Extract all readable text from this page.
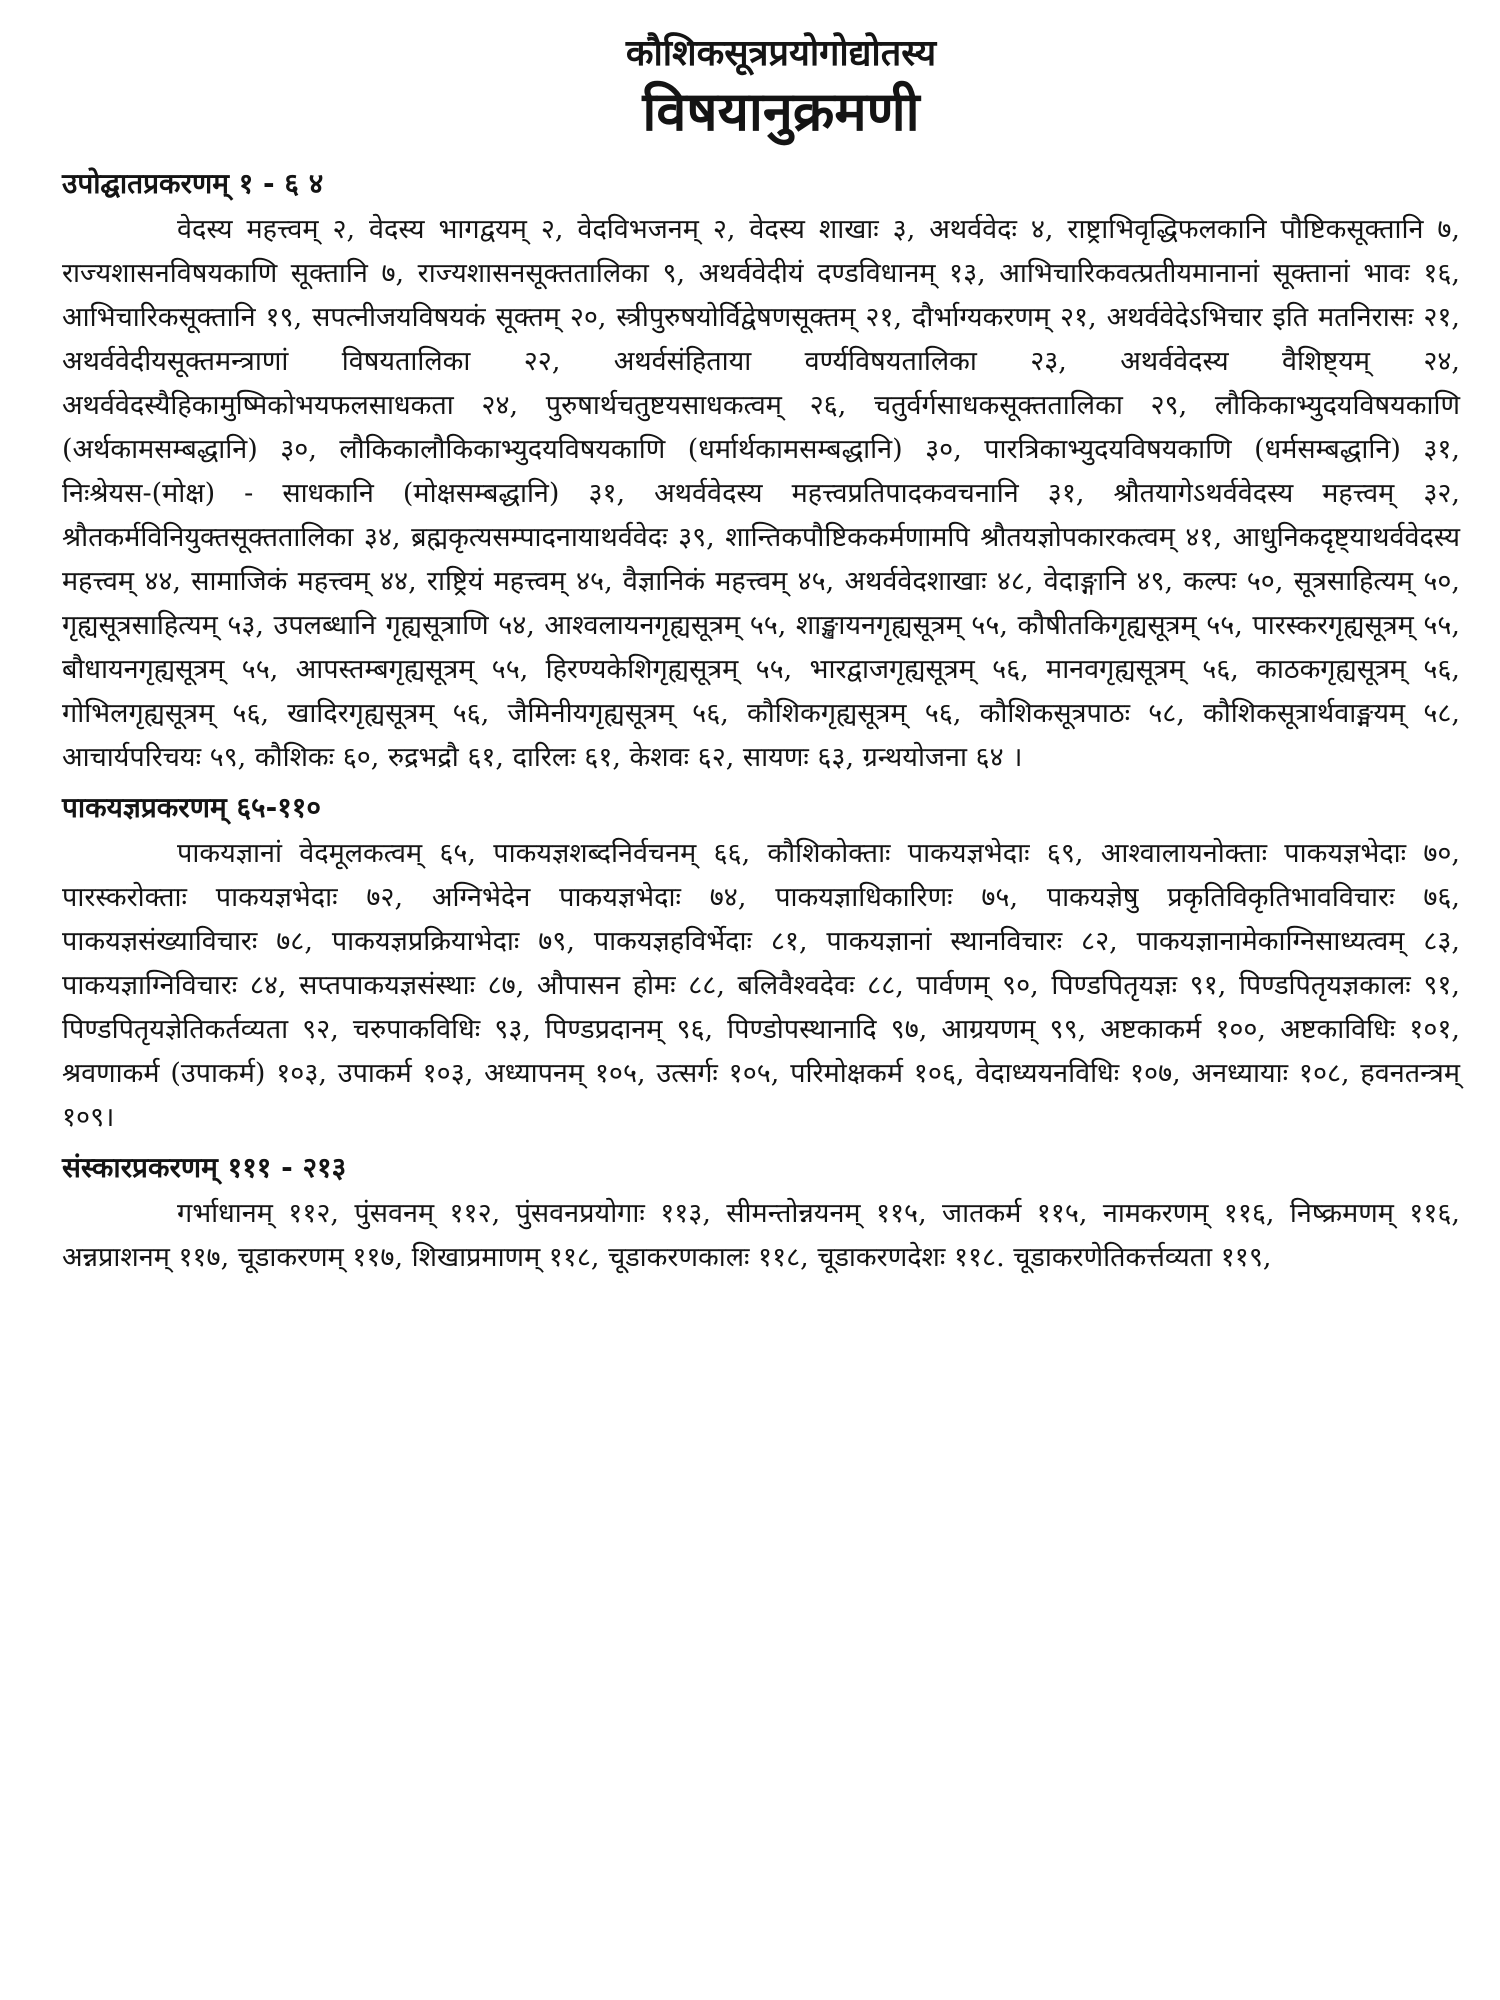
कौशिकसूत्रप्रयोगोद्योतस्य
विषयानुक्रमणी
उपोद्घातप्रकरणम् १ - ६ ४

वेदस्य महत्त्वम् २, वेदस्य भागद्वयम् २, वेदविभजनम् २, वेदस्य शाखाः ३, अथर्ववेदः ४, राष्ट्राभिवृद्धिफलकानि पौष्टिकसूक्तानि ७, राज्यशासनविषयकाणि सूक्तानि ७, राज्यशासनसूक्ततालिका ९, अथर्ववेदीयं दण्डविधानम् १३, आभिचारिकवत्प्रतीयमानानां सूक्तानां भावः १६, आभिचारिकसूक्तानि १९, सपत्नीजयविषयकं सूक्तम् २०, स्त्रीपुरुषयोर्विद्वेषणसूक्तम् २१, दौर्भाग्यकरणम् २१, अथर्ववेदेऽभिचार इति मतनिरासः २१, अथर्ववेदीयसूक्तमन्त्राणां विषयतालिका २२, अथर्वसंहिताया वर्ण्यविषयतालिका २३, अथर्ववेदस्य वैशिष्ट्यम् २४, अथर्ववेदस्यैहिकामुष्मिकोभयफलसाधकता २४, पुरुषार्थचतुष्टयसाधकत्वम् २६, चतुर्वर्गसाधकसूक्ततालिका २९, लौकिकाभ्युदयविषयकाणि (अर्थकामसम्बद्धानि) ३०, लौकिकालौकिकाभ्युदयविषयकाणि (धर्मार्थकामसम्बद्धानि) ३०, पारत्रिकाभ्युदयविषयकाणि (धर्मसम्बद्धानि) ३१, निःश्रेयस-(मोक्ष) - साधकानि (मोक्षसम्बद्धानि) ३१, अथर्ववेदस्य महत्त्वप्रतिपादकवचनानि ३१, श्रौतयागेऽथर्ववेदस्य महत्त्वम् ३२, श्रौतकर्मविनियुक्तसूक्ततालिका ३४, ब्रह्मकृत्यसम्पादनायाथर्ववेदः ३९, शान्तिकपौष्टिककर्मणामपि श्रौतयज्ञोपकारकत्वम् ४१, आधुनिकदृष्ट्याथर्ववेदस्य महत्त्वम् ४४, सामाजिकं महत्त्वम् ४४, राष्ट्रियं महत्त्वम् ४५, वैज्ञानिकं महत्त्वम् ४५, अथर्ववेदशाखाः ४८, वेदाङ्गानि ४९, कल्पः ५०, सूत्रसाहित्यम् ५०, गृह्यसूत्रसाहित्यम् ५३, उपलब्धानि गृह्यसूत्राणि ५४, आश्वलायनगृह्यसूत्रम् ५५, शाङ्खायनगृह्यसूत्रम् ५५, कौषीतकिगृह्यसूत्रम् ५५, पारस्करगृह्यसूत्रम् ५५, बौधायनगृह्यसूत्रम् ५५, आपस्तम्बगृह्यसूत्रम् ५५, हिरण्यकेशिगृह्यसूत्रम् ५५, भारद्वाजगृह्यसूत्रम् ५६, मानवगृह्यसूत्रम् ५६, काठकगृह्यसूत्रम् ५६, गोभिलगृह्यसूत्रम् ५६, खादिरगृह्यसूत्रम् ५६, जैमिनीयगृह्यसूत्रम् ५६, कौशिकगृह्यसूत्रम् ५६, कौशिकसूत्रपाठः ५८, कौशिकसूत्रार्थवाङ्मयम् ५८, आचार्यपरिचयः ५९, कौशिकः ६०, रुद्रभद्रौ ६१, दारिलः ६१, केशवः ६२, सायणः ६३, ग्रन्थयोजना ६४ ।

पाकयज्ञप्रकरणम् ६५-११०

पाकयज्ञानां वेदमूलकत्वम् ६५, पाकयज्ञशब्दनिर्वचनम् ६६, कौशिकोक्ताः पाकयज्ञभेदाः ६९, आश्वालायनोक्ताः पाकयज्ञभेदाः ७०, पारस्करोक्ताः पाकयज्ञभेदाः ७२, अग्निभेदेन पाकयज्ञभेदाः ७४, पाकयज्ञाधिकारिणः ७५, पाकयज्ञेषु प्रकृतिविकृतिभावविचारः ७६, पाकयज्ञसंख्याविचारः ७८, पाकयज्ञप्रक्रियाभेदाः ७९, पाकयज्ञहविर्भेदाः ८१, पाकयज्ञानां स्थानविचारः ८२, पाकयज्ञानामेकाग्निसाध्यत्वम् ८३, पाकयज्ञाग्निविचारः ८४, सप्तपाकयज्ञसंस्थाः ८७, औपासन होमः ८८, बलिवैश्वदेवः ८८, पार्वणम् ९०, पिण्डपितृयज्ञः ९१, पिण्डपितृयज्ञकालः ९१, पिण्डपितृयज्ञेतिकर्तव्यता ९२, चरुपाकविधिः ९३, पिण्डप्रदानम् ९६, पिण्डोपस्थानादि ९७, आग्रयणम् ९९, अष्टकाकर्म १००, अष्टकाविधिः १०१, श्रवणाकर्म (उपाकर्म) १०३, उपाकर्म १०३, अध्यापनम् १०५, उत्सर्गः १०५, परिमोक्षकर्म १०६, वेदाध्ययनविधिः १०७, अनध्यायाः १०८, हवनतन्त्रम् १०९।

संस्कारप्रकरणम् १११ - २१३

गर्भाधानम् ११२, पुंसवनम् ११२, पुंसवनप्रयोगाः ११३, सीमन्तोन्नयनम् ११५, जातकर्म ११५, नामकरणम् ११६, निष्क्रमणम् ११६, अन्नप्राशनम् ११७, चूडाकरणम् ११७, शिखाप्रमाणम् ११८, चूडाकरणकालः ११८, चूडाकरणदेशः ११८. चूडाकरणेतिकर्त्तव्यता ११९,
